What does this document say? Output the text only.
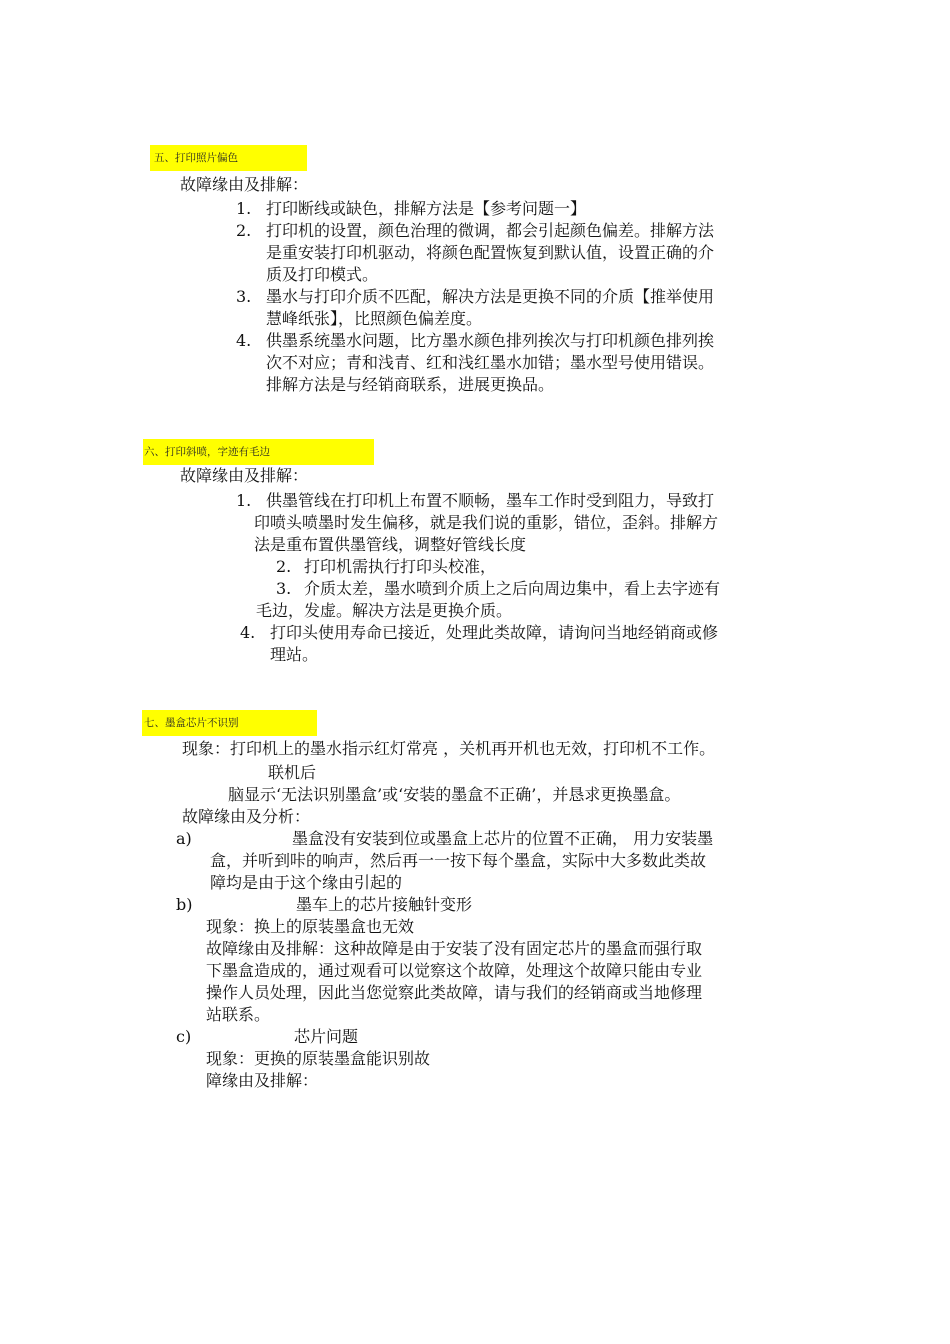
五、打印照片偏色
故障缘由及排解：
1. 打印断线或缺色，排解方法是【参考问题一】
2. 打印机的设置，颜色治理的微调，都会引起颜色偏差。排解方法
是重安装打印机驱动，将颜色配置恢复到默认值，设置正确的介
质及打印模式。
3. 墨水与打印介质不匹配，解决方法是更换不同的介质【推举使用
慧峰纸张】，比照颜色偏差度。
4. 供墨系统墨水问题，比方墨水颜色排列挨次与打印机颜色排列挨
次不对应；青和浅青、红和浅红墨水加错；墨水型号使用错误。
排解方法是与经销商联系，进展更换品。
六、打印斜喷，字迹有毛边
故障缘由及排解：
1. 供墨管线在打印机上布置不顺畅，墨车工作时受到阻力，导致打
印喷头喷墨时发生偏移，就是我们说的重影，错位，歪斜。排解方
法是重布置供墨管线，调整好管线长度
2. 打印机需执行打印头校准，
3. 介质太差，墨水喷到介质上之后向周边集中，看上去字迹有
毛边，发虚。解决方法是更换介质。
4. 打印头使用寿命已接近，处理此类故障，请询问当地经销商或修
理站。
七、墨盒芯片不识别
现象：打印机上的墨水指示红灯常亮 ，关机再开机也无效，打印机不工作。
联机后
脑显示‘无法识别墨盒’或‘安装的墨盒不正确’，并恳求更换墨盒。
故障缘由及分析：
a)	墨盒没有安装到位或墨盒上芯片的位置不正确， 用力安装墨
盒，并听到咔的响声，然后再一一按下每个墨盒，实际中大多数此类故
障均是由于这个缘由引起的
b)	墨车上的芯片接触针变形
现象：换上的原装墨盒也无效
故障缘由及排解：这种故障是由于安装了没有固定芯片的墨盒而强行取
下墨盒造成的，通过观看可以觉察这个故障，处理这个故障只能由专业
操作人员处理，因此当您觉察此类故障，请与我们的经销商或当地修理
站联系。
c)	芯片问题
现象：更换的原装墨盒能识别故
障缘由及排解：
